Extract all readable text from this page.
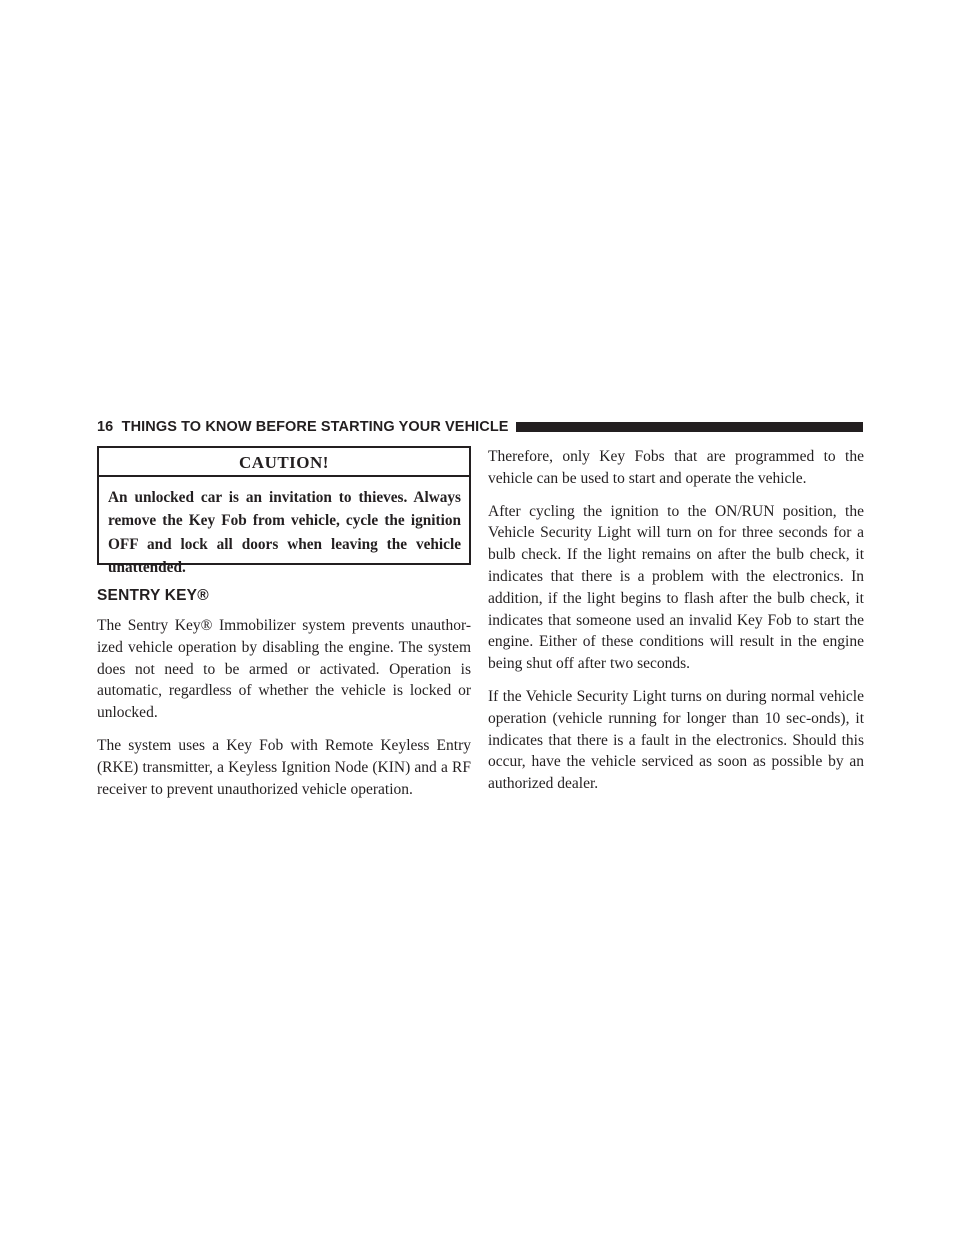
16 THINGS TO KNOW BEFORE STARTING YOUR VEHICLE
CAUTION!

An unlocked car is an invitation to thieves. Always remove the Key Fob from vehicle, cycle the ignition OFF and lock all doors when leaving the vehicle unattended.

SENTRY KEY®

The Sentry Key® Immobilizer system prevents unauthor-ized vehicle operation by disabling the engine. The system does not need to be armed or activated. Operation is automatic, regardless of whether the vehicle is locked or unlocked.

The system uses a Key Fob with Remote Keyless Entry (RKE) transmitter, a Keyless Ignition Node (KIN) and a RF receiver to prevent unauthorized vehicle operation.

Therefore, only Key Fobs that are programmed to the vehicle can be used to start and operate the vehicle.

After cycling the ignition to the ON/RUN position, the Vehicle Security Light will turn on for three seconds for a bulb check. If the light remains on after the bulb check, it indicates that there is a problem with the electronics. In addition, if the light begins to flash after the bulb check, it indicates that someone used an invalid Key Fob to start the engine. Either of these conditions will result in the engine being shut off after two seconds.

If the Vehicle Security Light turns on during normal vehicle operation (vehicle running for longer than 10 sec-onds), it indicates that there is a fault in the electronics. Should this occur, have the vehicle serviced as soon as possible by an authorized dealer.
